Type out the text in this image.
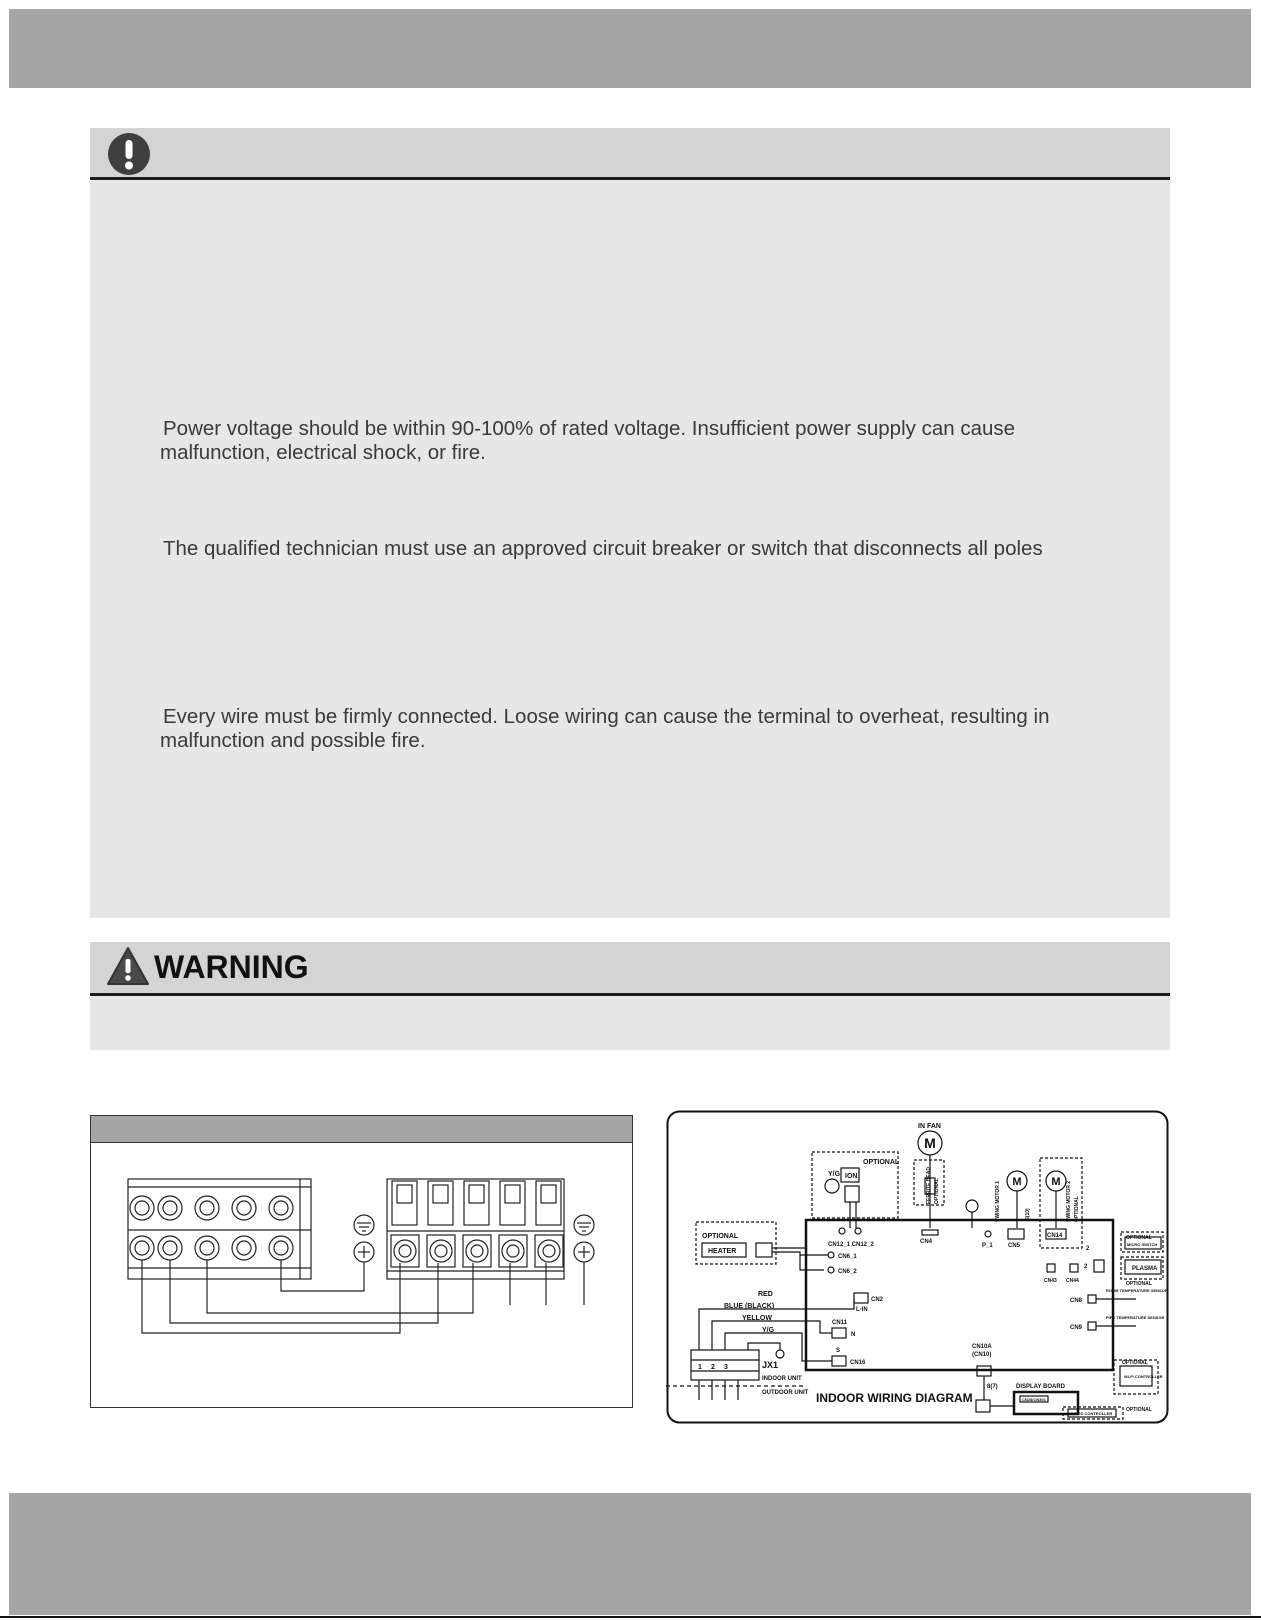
Power voltage should be within 90-100% of rated voltage. Insufficient power supply can cause
malfunction, electrical shock, or fire.

The qualified technician must use an approved circuit breaker or switch that disconnects all poles

Every wire must be firmly connected. Loose wiring can cause the terminal to overheat, resulting in
malfunction and possible fire.

WARNING
M
M	M
IN FAN
OPTIONAL
Y/G ION
OPTIONAL
HEATER
CN12_1 CN12_2	CN4
P_1	CN5
CN14
CN6_1
CN6_2
CN2
L-IN
CN11
N
S
CN16
CN10A
(CN10)
8(7)
CN43 CN44
2
2
CN8
CN9
MICRO SWITCH
PLASMA
OPTIONAL
OPTIONAL
ROOM TEMPERATURE SENSOR
PIPE TEMPERATURE SENSOR
OPTIONAL
WI-FI CONTROLLER
DISPLAY BOARD
CN28/CN301
WIRED CONTROLLER
OPTIONAL
RED
BLUE (BLACK)
YELLOW
Y/G
JX1
INDOOR UNIT
OUTDOOR UNIT
1 2 3
FERRITE BEAD OPTIONAL	SWING MOTOR 1	5(10)	SWING MOTOR 2 OPTIONAL
INDOOR WIRING DIAGRAM
